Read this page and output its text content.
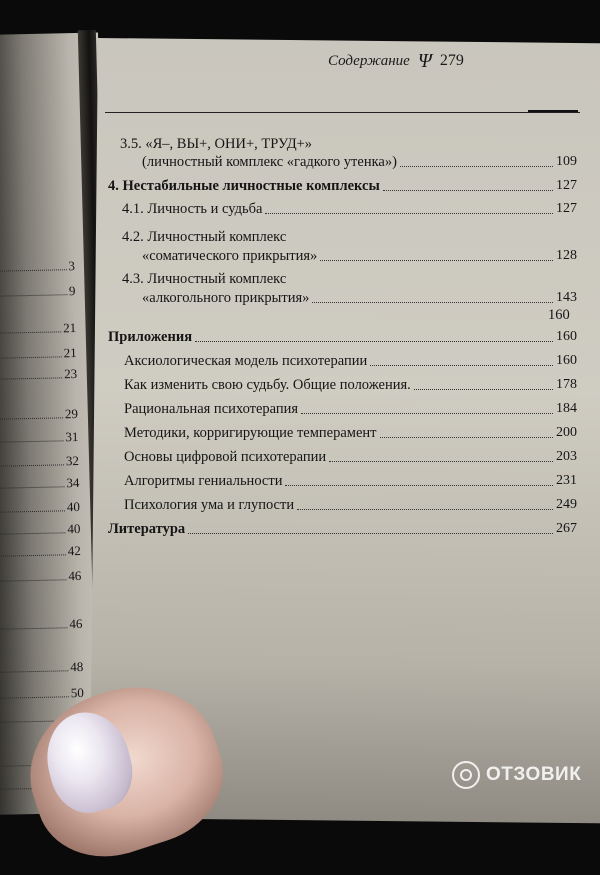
3
9
21
21
23
29
31
32
34
40
40
42
46
46
48
50
Содержание Ψ 279
3.5. «Я–, ВЫ+, ОНИ+, ТРУД+»
(личностный комплекс «гадкого утенка»)	109
4. Нестабильные личностные комплексы	127
4.1. Личность и судьба	127
4.2. Личностный комплекс
«соматического прикрытия»	128
4.3. Личностный комплекс
«алкогольного прикрытия»	143
160
Приложения	160
Аксиологическая модель психотерапии	160
Как изменить свою судьбу. Общие положения.	178
Рациональная психотерапия	184
Методики, корригирующие темперамент	200
Основы цифровой психотерапии	203
Алгоритмы гениальности	231
Психология ума и глупости	249
Литература	267
ОТЗОВИК
